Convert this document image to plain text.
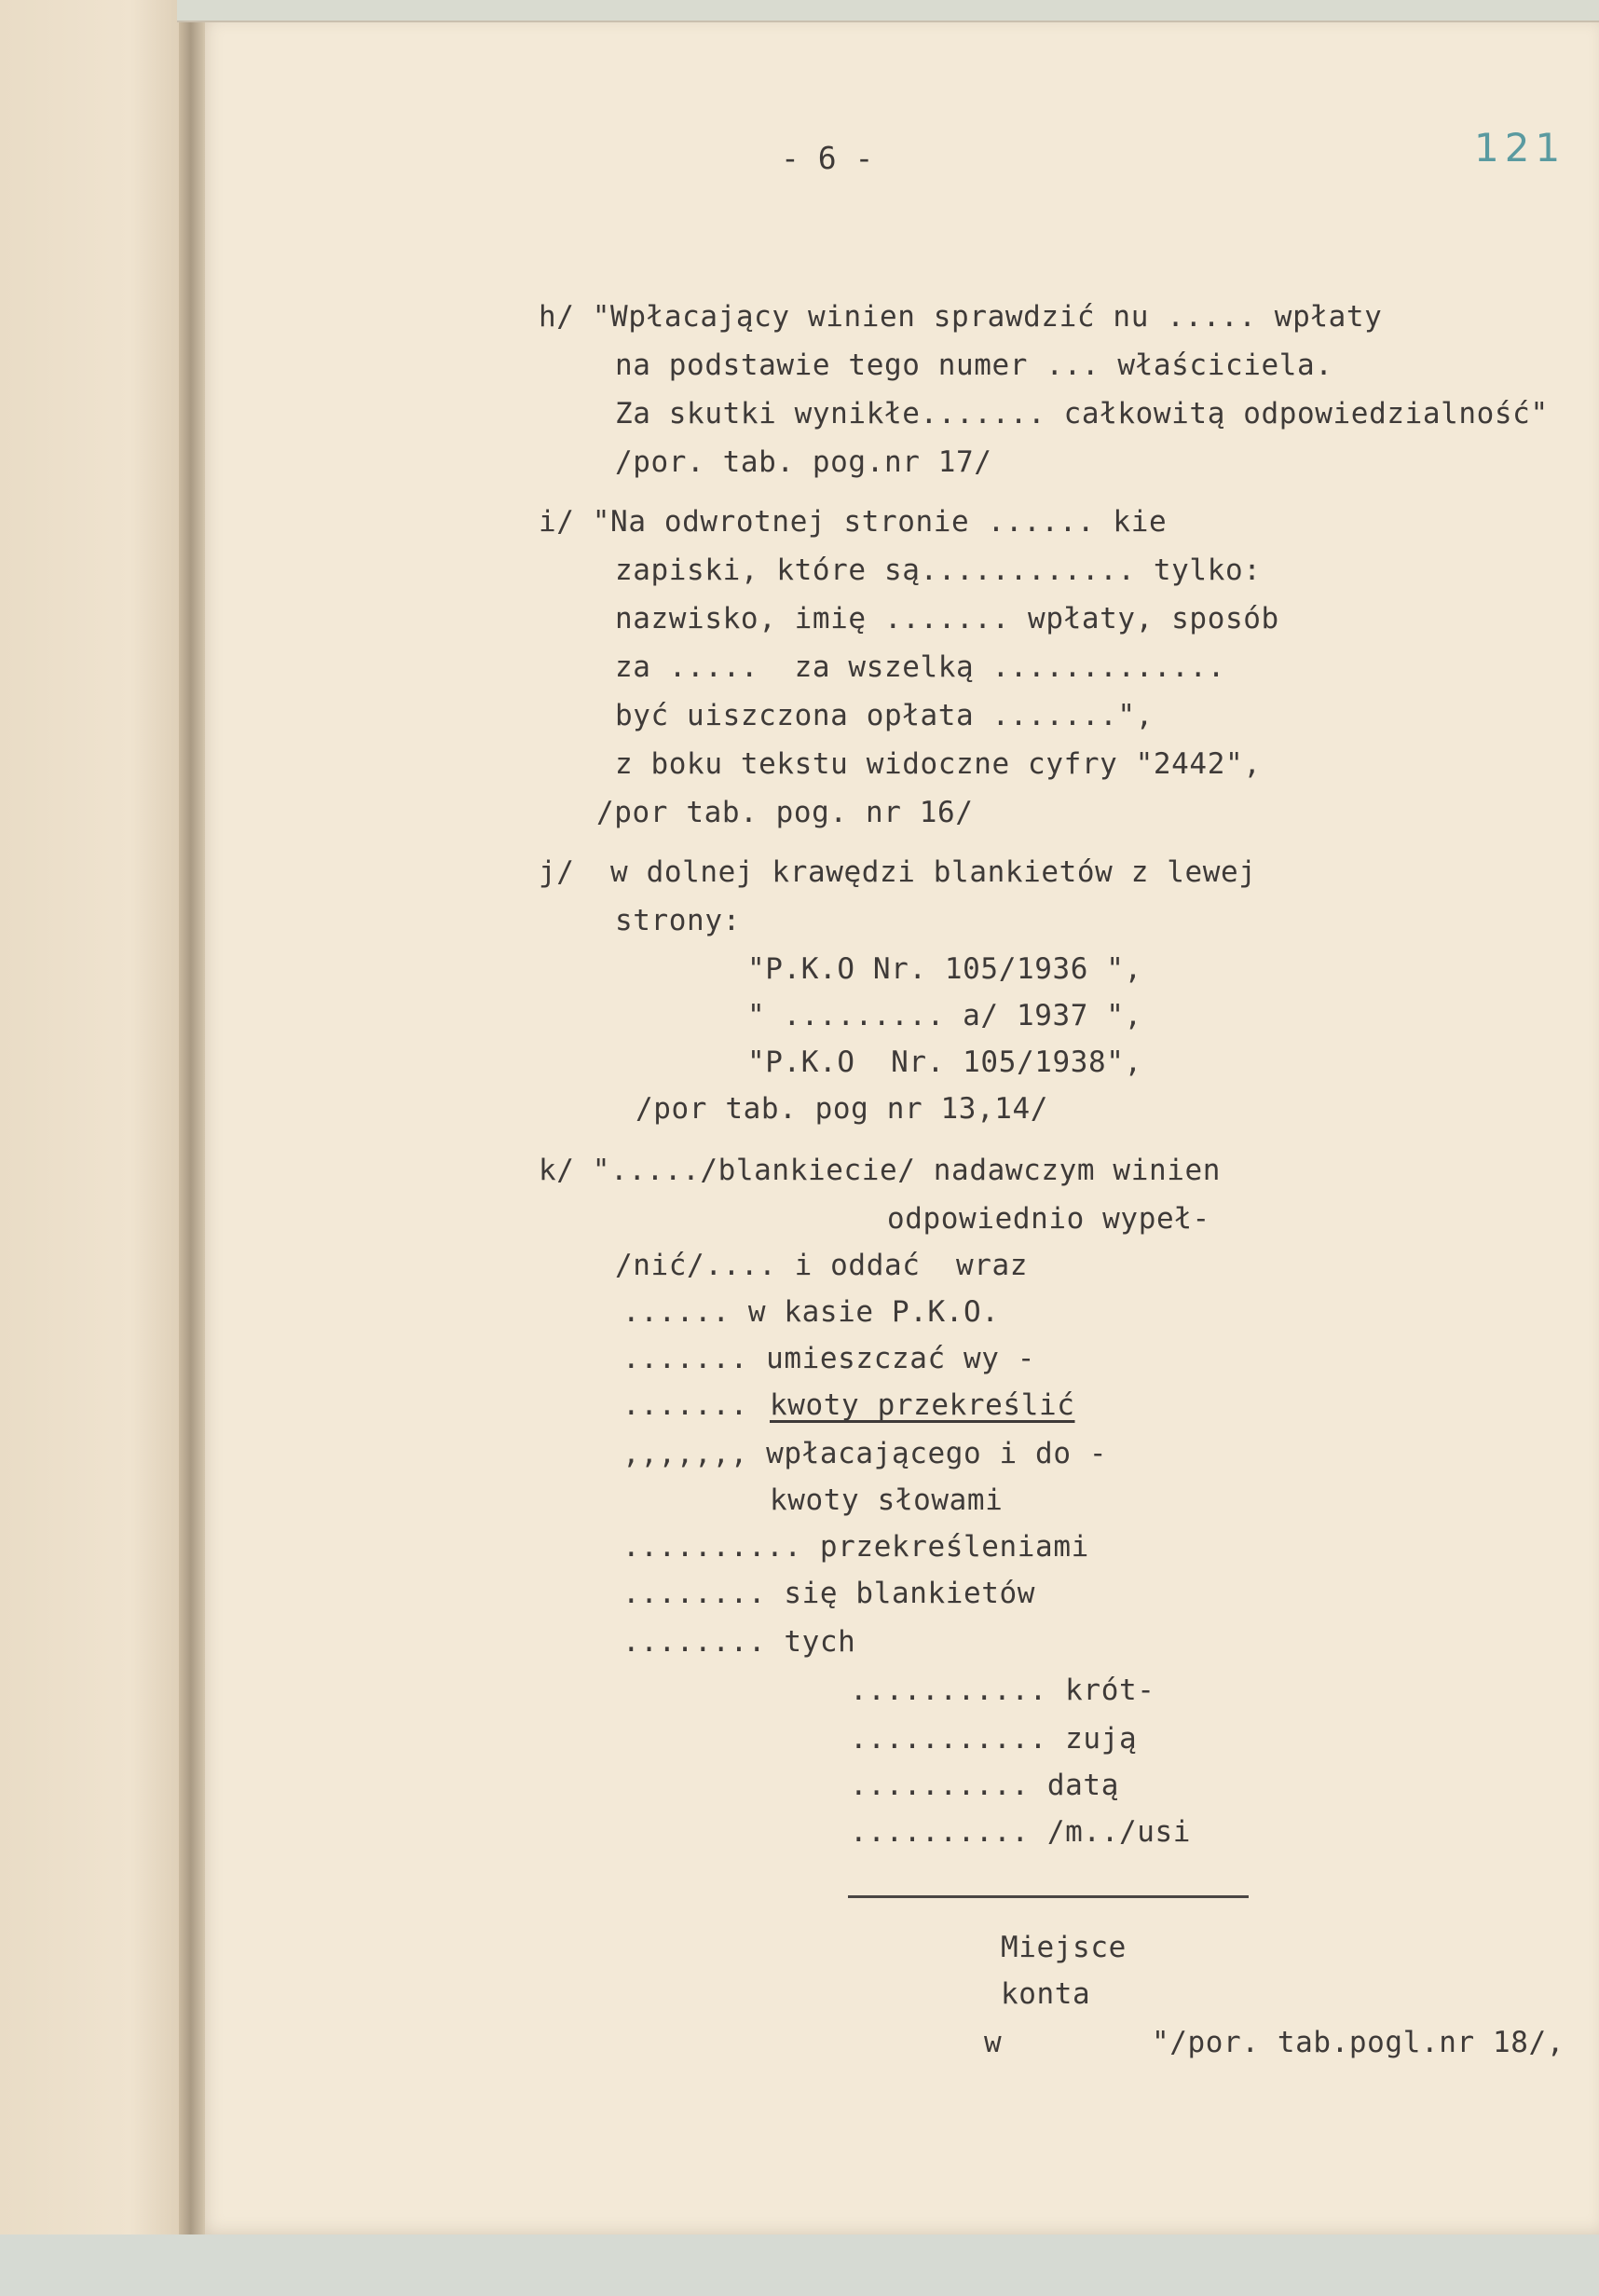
- 6 -	121
h/ "Wpłacający winien sprawdzić nu ..... wpłaty
na podstawie tego numer ... właściciela.
Za skutki wynikłe....... całkowitą odpowiedzialność"
/por. tab. pog.nr 17/
i/ "Na odwrotnej stronie ...... kie
zapiski, które są............ tylko:
nazwisko, imię ....... wpłaty, sposób
za .....  za wszelką .............
być uiszczona opłata .......",
z boku tekstu widoczne cyfry "2442",
/por tab. pog. nr 16/
j/  w dolnej krawędzi blankietów z lewej
strony:
"P.K.O Nr. 105/1936 ",
" ......... a/ 1937 ",
"P.K.O  Nr. 105/1938",
/por tab. pog nr 13,14/
k/ "...../blankiecie/ nadawczym winien
odpowiednio wypeł-
/nić/.... i oddać  wraz
...... w kasie P.K.O.
....... umieszczać wy -
....... kwoty przekreślić
,,,,,,, wpłacającego i do -
kwoty słowami
.......... przekreśleniami
........ się blankietów
........ tych
........... krót-
........... zują
.......... datą
.......... /m../usi
Miejsce
konta
w	"/por. tab.pogl.nr 18/,
